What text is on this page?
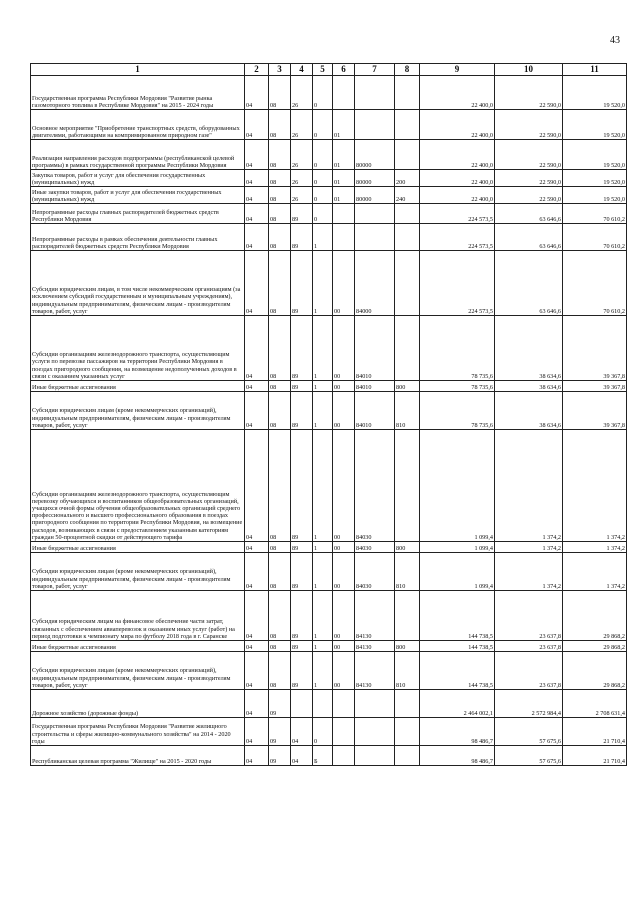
43
1	2	3	4	5	6	7	8	9	10	11
Государственная программа Республики Мордовия "Развитие рынка газомоторного топлива в Республике Мордовия" на 2015 - 2024 годы	04	08	26	0				22 400,0	22 590,0	19 520,0
Основное мероприятие "Приобретение транспортных средств, оборудованных двигателями, работающими на компримированном природном газе"	04	08	26	0	01			22 400,0	22 590,0	19 520,0
Реализация направления расходов подпрограммы (республиканской целевой программы) в рамках государственной программы Республики Мордовия	04	08	26	0	01	80000		22 400,0	22 590,0	19 520,0
Закупка товаров, работ и услуг для обеспечения государственных (муниципальных) нужд	04	08	26	0	01	80000	200	22 400,0	22 590,0	19 520,0
Иные закупки товаров, работ и услуг для обеспечения государственных (муниципальных) нужд	04	08	26	0	01	80000	240	22 400,0	22 590,0	19 520,0
Непрограммные расходы главных распорядителей бюджетных средств Республики Мордовия	04	08	89	0				224 573,5	63 646,6	70 610,2
Непрограммные расходы в рамках обеспечения деятельности главных распорядителей бюджетных средств Республики Мордовия	04	08	89	1				224 573,5	63 646,6	70 610,2
Субсидии юридическим лицам, в том числе некоммерческим организациям (за исключением субсидий государственным и муниципальным учреждениям), индивидуальным предпринимателям, физическим лицам - производителям товаров, работ, услуг	04	08	89	1	00	84000		224 573,5	63 646,6	70 610,2
Субсидии организациям железнодорожного транспорта, осуществляющим услуги по перевозке пассажиров на территории Республики Мордовия в поездах пригородного сообщения, на возмещение недополученных доходов в связи с оказанием указанных услуг	04	08	89	1	00	84010		78 735,6	38 634,6	39 367,8
Иные бюджетные ассигнования	04	08	89	1	00	84010	800	78 735,6	38 634,6	39 367,8
Субсидии юридическим лицам (кроме некоммерческих организаций), индивидуальным предпринимателям, физическим лицам - производителям товаров, работ, услуг	04	08	89	1	00	84010	810	78 735,6	38 634,6	39 367,8
Субсидии организациям железнодорожного транспорта, осуществляющим перевозку обучающихся и воспитанников общеобразовательных организаций, учащихся очной формы обучения общеобразовательных организаций среднего профессионального и высшего профессионального образования в поездах пригородного сообщения по территории Республики Мордовия, на возмещение расходов, возникающих в связи с предоставлением указанным категориям граждан 50-процентной скидки от действующего тарифа	04	08	89	1	00	84030		1 099,4	1 374,2	1 374,2
Иные бюджетные ассигнования	04	08	89	1	00	84030	800	1 099,4	1 374,2	1 374,2
Субсидии юридическим лицам (кроме некоммерческих организаций), индивидуальным предпринимателям, физическим лицам - производителям товаров, работ, услуг	04	08	89	1	00	84030	810	1 099,4	1 374,2	1 374,2
Субсидия юридическим лицам на финансовое обеспечение части затрат, связанных с обеспечением авиаперевозок и оказанием иных услуг (работ) на период подготовки к чемпионату мира по футболу 2018 года в г. Саранске	04	08	89	1	00	84130		144 738,5	23 637,8	29 868,2
Иные бюджетные ассигнования	04	08	89	1	00	84130	800	144 738,5	23 637,8	29 868,2
Субсидии юридическим лицам (кроме некоммерческих организаций), индивидуальным предпринимателям, физическим лицам - производителям товаров, работ, услуг	04	08	89	1	00	84130	810	144 738,5	23 637,8	29 868,2
Дорожное хозяйство (дорожные фонды)	04	09						2 464 002,1	2 572 984,4	2 708 631,4
Государственная программа Республики Мордовия "Развитие жилищного строительства и сферы жилищно-коммунального хозяйства" на 2014 - 2020 годы	04	09	04	0				98 486,7	57 675,6	21 710,4
Республиканская целевая программа "Жилище" на 2015 - 2020 годы	04	09	04	Б				98 486,7	57 675,6	21 710,4
